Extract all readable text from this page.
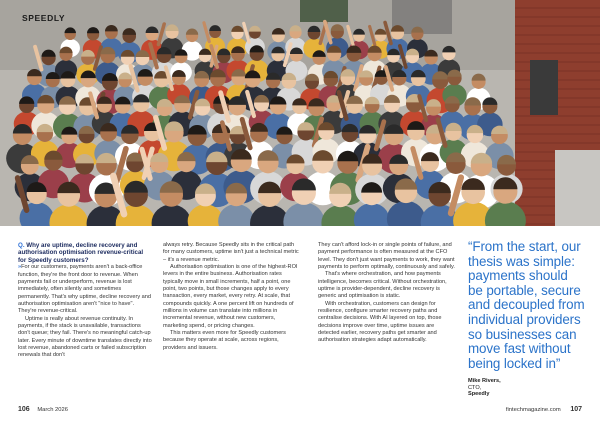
SPEEDLY

Q. Why are uptime, decline recovery and authorisation optimisation revenue-critical for Speedly customers?

»For our customers, payments aren't a back-office function, they're the front door to revenue. When payments fail or underperform, revenue is lost immediately, often silently and sometimes permanently. That's why uptime, decline recovery and authorisation optimisation aren't "nice to have". They're revenue-critical.

Uptime is really about revenue continuity. In payments, if the stack is unavailable, transactions don't queue; they fail. There's no meaningful catch-up later. Every minute of downtime translates directly into lost revenue, abandoned carts or failed subscription renewals that don't

always retry. Because Speedly sits in the critical path for many customers, uptime isn't just a technical metric – it's a revenue metric.

Authorisation optimisation is one of the highest-ROI levers in the entire business. Authorisation rates typically move in small increments, half a point, one point, two points, but those changes apply to every transaction, every market, every retry. At scale, that compounds quickly. A one percent lift on hundreds of millions in volume can translate into millions in incremental revenue, without new customers, marketing spend, or pricing changes.

This matters even more for Speedly customers because they operate at scale, across regions, providers and issuers.

They can't afford lock-in or single points of failure, and payment performance is often measured at the CFO level. They don't just want payments to work, they want payments to perform optimally, continuously and safely.

That's where orchestration, and how payments intelligence, becomes critical. Without orchestration, uptime is provider-dependent, decline recovery is generic and optimisation is static.

With orchestration, customers can design for resilience, configure smarter recovery paths and centralise decisions. With AI layered on top, those decisions improve over time, uptime issues are detected earlier, recovery paths get smarter and authorisation strategies adapt automatically.

“From the start, our thesis was simple: payments should be portable, secure and decoupled from individual providers so businesses can move fast without being locked in”
Mike Rivers,
CTO,
Speedly
106 March 2026	fintechmagazine.com 107
